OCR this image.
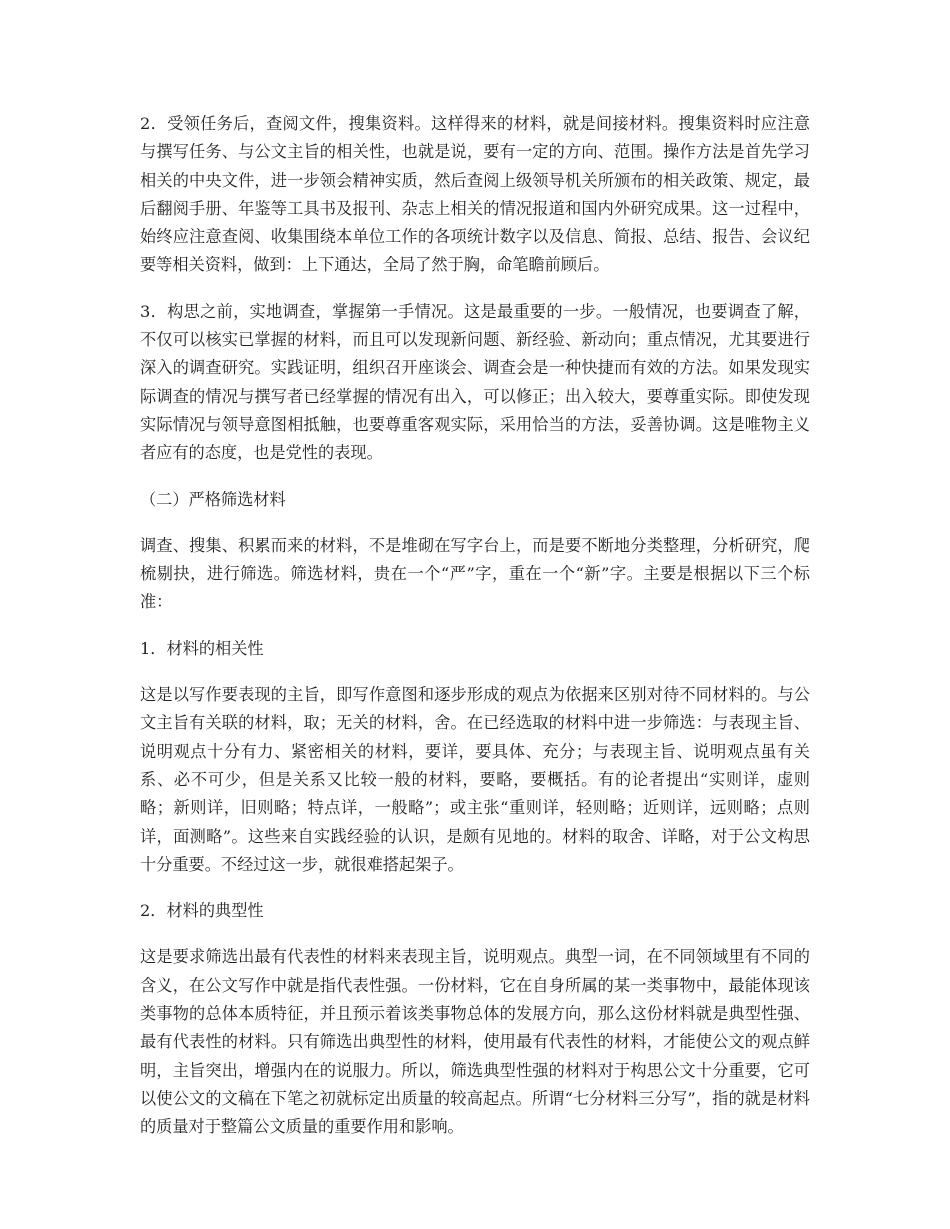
2．受领任务后，查阅文件，搜集资料。这样得来的材料，就是间接材料。搜集资料时应注意与撰写任务、与公文主旨的相关性，也就是说，要有一定的方向、范围。操作方法是首先学习相关的中央文件，进一步领会精神实质，然后查阅上级领导机关所颁布的相关政策、规定，最后翻阅手册、年鉴等工具书及报刊、杂志上相关的情况报道和国内外研究成果。这一过程中，始终应注意查阅、收集围绕本单位工作的各项统计数字以及信息、简报、总结、报告、会议纪要等相关资料，做到：上下通达，全局了然于胸，命笔瞻前顾后。

3．构思之前，实地调查，掌握第一手情况。这是最重要的一步。一般情况，也要调查了解，不仅可以核实已掌握的材料，而且可以发现新问题、新经验、新动向；重点情况，尤其要进行深入的调查研究。实践证明，组织召开座谈会、调查会是一种快捷而有效的方法。如果发现实际调查的情况与撰写者已经掌握的情况有出入，可以修正；出入较大，要尊重实际。即使发现实际情况与领导意图相抵触，也要尊重客观实际，采用恰当的方法，妥善协调。这是唯物主义者应有的态度，也是党性的表现。

（二）严格筛选材料

调查、搜集、积累而来的材料，不是堆砌在写字台上，而是要不断地分类整理，分析研究，爬梳剔抉，进行筛选。筛选材料，贵在一个“严”字，重在一个“新”字。主要是根据以下三个标准：

1．材料的相关性

这是以写作要表现的主旨，即写作意图和逐步形成的观点为依据来区别对待不同材料的。与公文主旨有关联的材料，取；无关的材料，舍。在已经选取的材料中进一步筛选：与表现主旨、说明观点十分有力、紧密相关的材料，要详，要具体、充分；与表现主旨、说明观点虽有关系、必不可少，但是关系又比较一般的材料，要略，要概括。有的论者提出“实则详，虚则略；新则详，旧则略；特点详，一般略”；或主张“重则详，轻则略；近则详，远则略；点则详，面测略”。这些来自实践经验的认识，是颇有见地的。材料的取舍、详略，对于公文构思十分重要。不经过这一步，就很难搭起架子。

2．材料的典型性

这是要求筛选出最有代表性的材料来表现主旨，说明观点。典型一词，在不同领域里有不同的含义，在公文写作中就是指代表性强。一份材料，它在自身所属的某一类事物中，最能体现该类事物的总体本质特征，并且预示着该类事物总体的发展方向，那么这份材料就是典型性强、最有代表性的材料。只有筛选出典型性的材料，使用最有代表性的材料，才能使公文的观点鲜明，主旨突出，增强内在的说服力。所以，筛选典型性强的材料对于构思公文十分重要，它可以使公文的文稿在下笔之初就标定出质量的较高起点。所谓“七分材料三分写”，指的就是材料的质量对于整篇公文质量的重要作用和影响。
